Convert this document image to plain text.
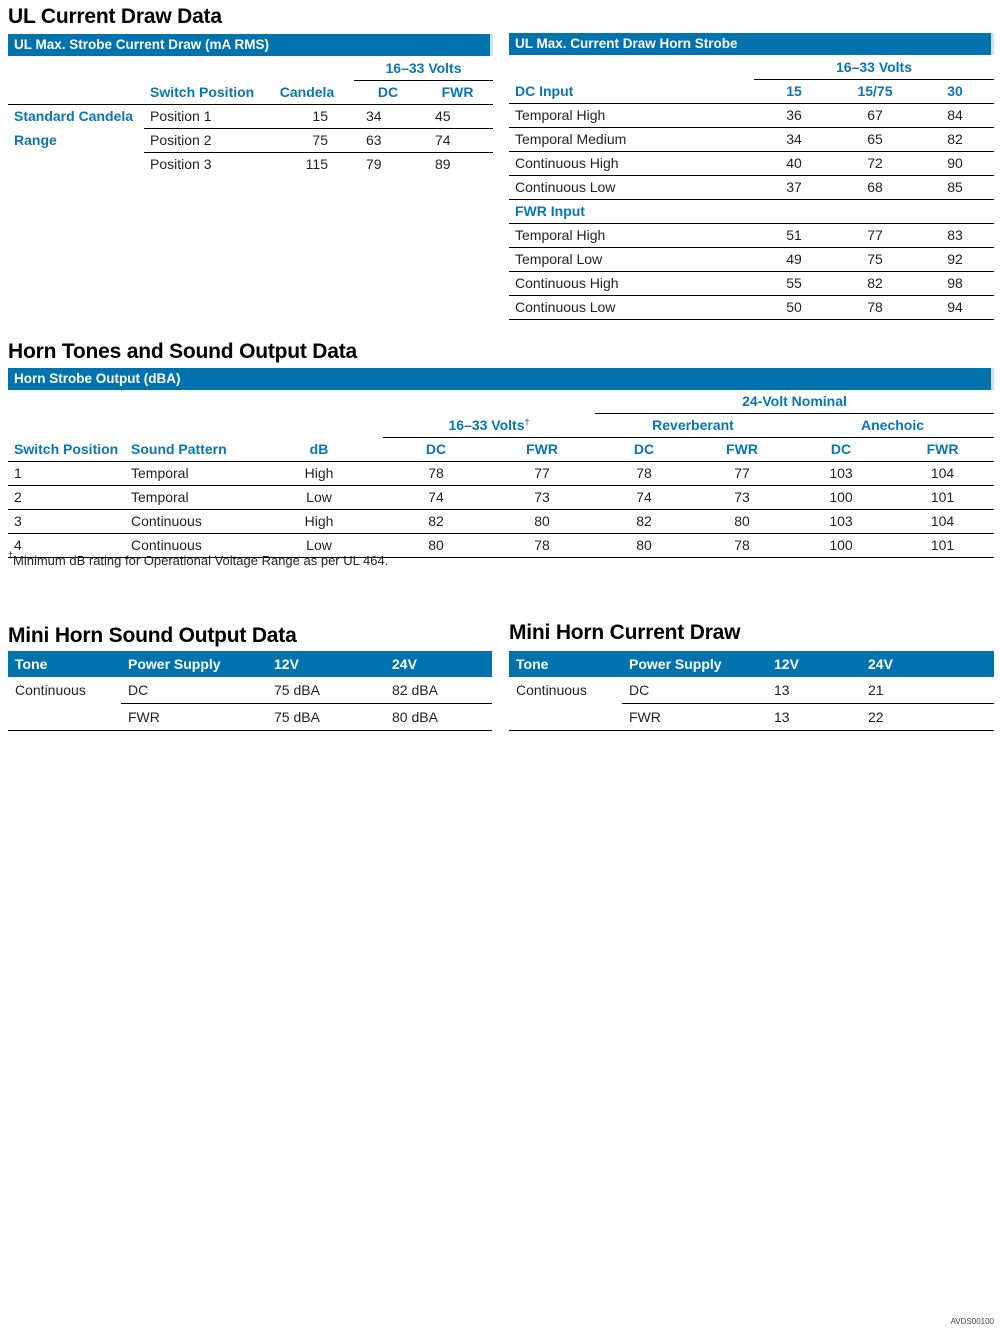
UL Current Draw Data
UL Max. Strobe Current Draw (mA RMS)
			16–33 Volts	
	Switch Position	Candela	DC	FWR
Standard Candela	Position 1	15	34	45
Range	Position 2	75	63	74
	Position 3	115	79	89
UL Max. Current Draw Horn Strobe
	16–33 Volts		
DC Input	15	15/75	30
Temporal High	36	67	84
Temporal Medium	34	65	82
Continuous High	40	72	90
Continuous Low	37	68	85
FWR Input			
Temporal High	51	77	83
Temporal Low	49	75	92
Continuous High	55	82	98
Continuous Low	50	78	94
Horn Tones and Sound Output Data
Horn Strobe Output (dBA)
					24-Volt Nominal			
			16–33 Volts†		Reverberant		Anechoic	
Switch Position	Sound Pattern	dB	DC	FWR	DC	FWR	DC	FWR
1	Temporal	High	78	77	78	77	103	104
2	Temporal	Low	74	73	74	73	100	101
3	Continuous	High	82	80	82	80	103	104
4	Continuous	Low	80	78	80	78	100	101
†Minimum dB rating for Operational Voltage Range as per UL 464.
Mini Horn Sound Output Data
Tone	Power Supply	12V	24V
Continuous	DC	75 dBA	82 dBA
	FWR	75 dBA	80 dBA
Mini Horn Current Draw
Tone	Power Supply	12V	24V
Continuous	DC	13	21
	FWR	13	22
AVDS00100
